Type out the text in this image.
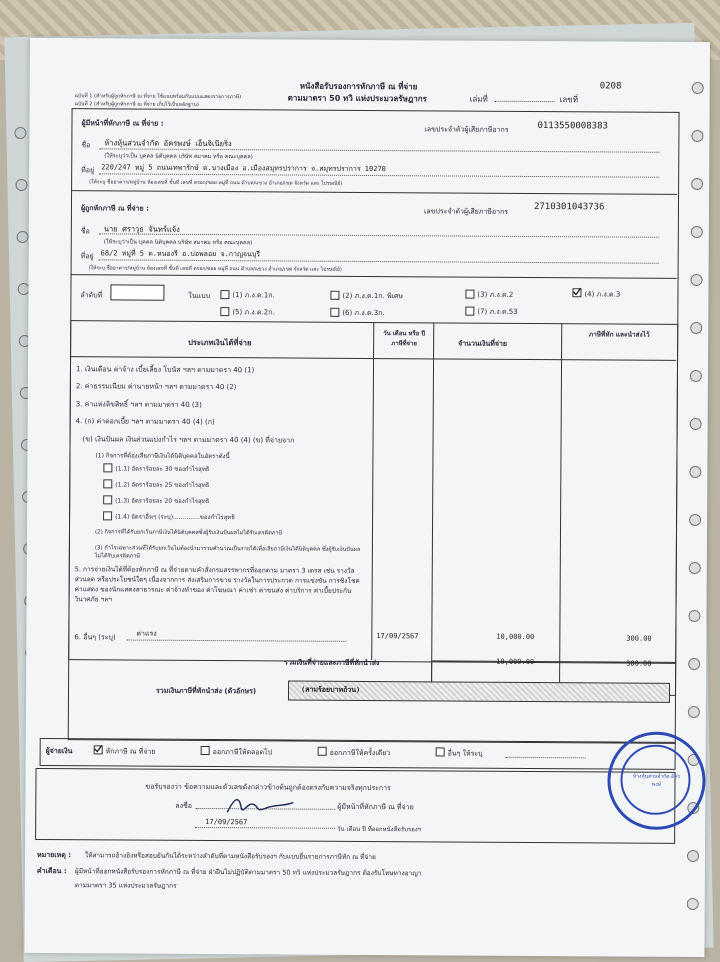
ฉบับที่ 1 (สำหรับผู้ถูกหักภาษี ณ ที่จ่าย ใช้แนบพร้อมกับแบบแสดงรายการภาษี)
ฉบับที่ 2 (สำหรับผู้ถูกหักภาษี ณ ที่จ่าย เก็บไว้เป็นหลักฐาน)
หนังสือรับรองการหักภาษี ณ ที่จ่าย
ตามมาตรา 50 ทวิ แห่งประมวลรัษฎากร	เล่มที่	เลขที่
0208
ผู้มีหน้าที่หักภาษี ณ ที่จ่าย :
เลขประจำตัวผู้เสียภาษีอากร	0113550008383
ชื่อ ห้างหุ้นส่วนจำกัด อัครพงษ์ เอ็นจิเนียริ่ง
(ให้ระบุว่าเป็น บุคคล นิติบุคคล บริษัท สมาคม หรือ คณะบุคคล)
ที่อยู่ 220/247 หมู่ 5 ถนนเทพารักษ์ ต.บางเมือง อ.เมืองสมุทรปราการ จ.สมุทรปราการ 10270
(ให้ระบุ ชื่ออาคาร/หมู่บ้าน ห้องเลขที่ ชั้นที่ เลขที่ ตรอก/ซอย หมู่ที่ ถนน ตำบล/แขวง อำเภอ/เขต จังหวัด และ ไปรษณีย์)
ผู้ถูกหักภาษี ณ ที่จ่าย :	เลขประจำตัวผู้เสียภาษีอากร	2710301043736
ชื่อ นาย ศราวุธ จันทร์แจ้ง
(ให้ระบุว่าเป็น บุคคล นิติบุคคล บริษัท สมาคม หรือ คณะบุคคล)
ที่อยู่ 68/2 หมู่ที่ 5 ต.หนองรี อ.บ่อพลอย จ.กาญจนบุรี
(ให้ระบุ ชื่ออาคาร/หมู่บ้าน ห้องเลขที่ ชั้นที่ เลขที่ ตรอก/ซอย หมู่ที่ ถนน ตำบล/แขวง อำเภอ/เขต จังหวัด และ ไปรษณีย์)
ลำดับที่	ในแบบ	(1) ภ.ง.ด.1ก.	(2) ภ.ง.ด.1ก. พิเศษ	(3) ภ.ง.ด.2	(4) ภ.ง.ด.3
(5) ภ.ง.ด.2ก.	(6) ภ.ง.ด.3ก.	(7) ภ.ง.ด.53
ประเภทเงินได้ที่จ่าย
วัน เดือน หรือ ปีภาษีที่จ่าย	จำนวนเงินที่จ่าย
ภาษีที่หัก และนำส่งไว้
1. เงินเดือน ค่าจ้าง เบี้ยเลี้ยง โบนัส ฯลฯ ตามมาตรา 40 (1)
2. ค่าธรรมเนียม ค่านายหน้า ฯลฯ ตามมาตรา 40 (2)
3. ค่าแห่งลิขสิทธิ์ ฯลฯ ตามมาตรา 40 (3)
4. (ก) ค่าดอกเบี้ย ฯลฯ ตามมาตรา 40 (4) (ก)
(ข) เงินปันผล เงินส่วนแบ่งกำไร ฯลฯ ตามมาตรา 40 (4) (ข) ที่จ่ายจาก
(1) กิจการที่ต้องเสียภาษีเงินได้นิติบุคคลในอัตราดังนี้
(1.1) อัตราร้อยละ 30 ของกำไรสุทธิ
(1.2) อัตราร้อยละ 25 ของกำไรสุทธิ
(1.3) อัตราร้อยละ 20 ของกำไรสุทธิ
(1.4) อัตราอื่นๆ (ระบุ)..............ของกำไรสุทธิ
(2) กิจการที่ได้รับยกเว้นภาษีเงินได้นิติบุคคลซึ่งผู้รับเงินปันผลไม่ได้รับเครดิตภาษี
(3) กำไรเฉพาะส่วนที่ได้รับยกเว้นไม่ต้องนำมารวมคำนวณเป็นรายได้เพื่อเสียภาษีเงินได้นิติบุคคล ซึ่งผู้รับเงินปันผลไม่ได้รับเครดิตภาษี
5. การจ่ายเงินได้ที่ต้องหักภาษี ณ ที่จ่ายตามคำสั่งกรมสรรพากรที่ออกตาม มาตรา 3 เตรส เช่น รางวัล ส่วนลด หรือประโยชน์ใดๆ เนื่องจากการ ส่งเสริมการขาย รางวัลในการประกวด การแข่งขัน การชิงโชค ค่าแสดง ของนักแสดงสาธารณะ ค่าจ้างทำของ ค่าโฆษณา ค่าเช่า ค่าขนส่ง ค่าบริการ ค่าเบี้ยประกันวินาศภัย ฯลฯ
6. อื่นๆ (ระบุ)	ค่าแรง	17/09/2567	10,000.00	300.00
รวมเงินที่จ่ายและภาษีที่หักนำส่ง	10,000.00	300.00
รวมเงินภาษีที่หักนำส่ง (ตัวอักษร)	(สามร้อยบาทถ้วน)
ผู้จ่ายเงิน	หักภาษี ณ ที่จ่าย	ออกภาษีให้ตลอดไป	ออกภาษีให้ครั้งเดียว	อื่นๆ ให้ระบุ
ขอรับรองว่า ข้อความและตัวเลขดังกล่าวข้างต้นถูกต้องตรงกับความจริงทุกประการ
ลงชื่อ	ผู้มีหน้าที่หักภาษี ณ ที่จ่าย
17/09/2567
วัน เดือน ปี ที่ออกหนังสือรับรองฯ
ห้างหุ้นส่วนจำกัด อัครพงษ์
หมายเหตุ : ให้สามารถอ้างอิงหรือสอบยันกันได้ระหว่างลำดับที่ตามหนังสือรับรองฯ กับแบบยื่นรายการภาษีหัก ณ ที่จ่าย
คำเตือน : ผู้มีหน้าที่ออกหนังสือรับรองการหักภาษี ณ ที่จ่าย ฝ่าฝืนไม่ปฏิบัติตามมาตรา 50 ทวิ แห่งประมวลรัษฎากร ต้องรับโทษทางอาญา
ตามมาตรา 35 แห่งประมวลรัษฎากร
